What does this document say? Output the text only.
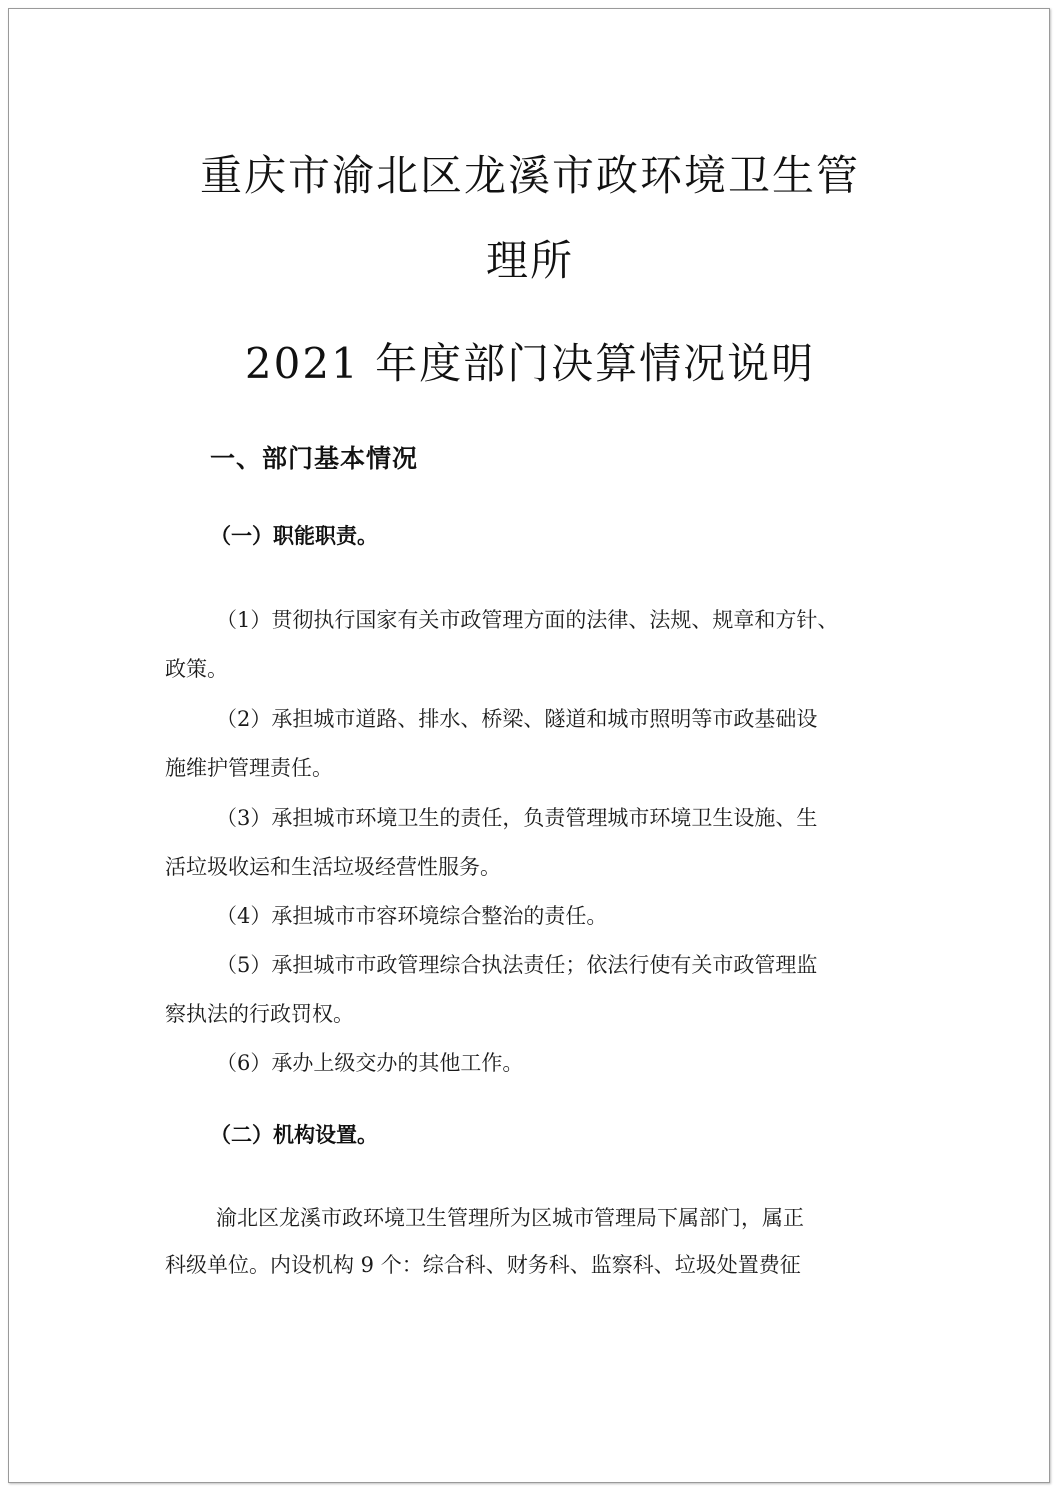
重庆市渝北区龙溪市政环境卫生管
理所
2021 年度部门决算情况说明
一、部门基本情况
（一）职能职责。
（1）贯彻执行国家有关市政管理方面的法律、法规、规章和方针、
政策。
（2）承担城市道路、排水、桥梁、隧道和城市照明等市政基础设
施维护管理责任。
（3）承担城市环境卫生的责任，负责管理城市环境卫生设施、生
活垃圾收运和生活垃圾经营性服务。
（4）承担城市市容环境综合整治的责任。
（5）承担城市市政管理综合执法责任；依法行使有关市政管理监
察执法的行政罚权。
（6）承办上级交办的其他工作。
（二）机构设置。
渝北区龙溪市政环境卫生管理所为区城市管理局下属部门，属正
科级单位。内设机构 9 个：综合科、财务科、监察科、垃圾处置费征
